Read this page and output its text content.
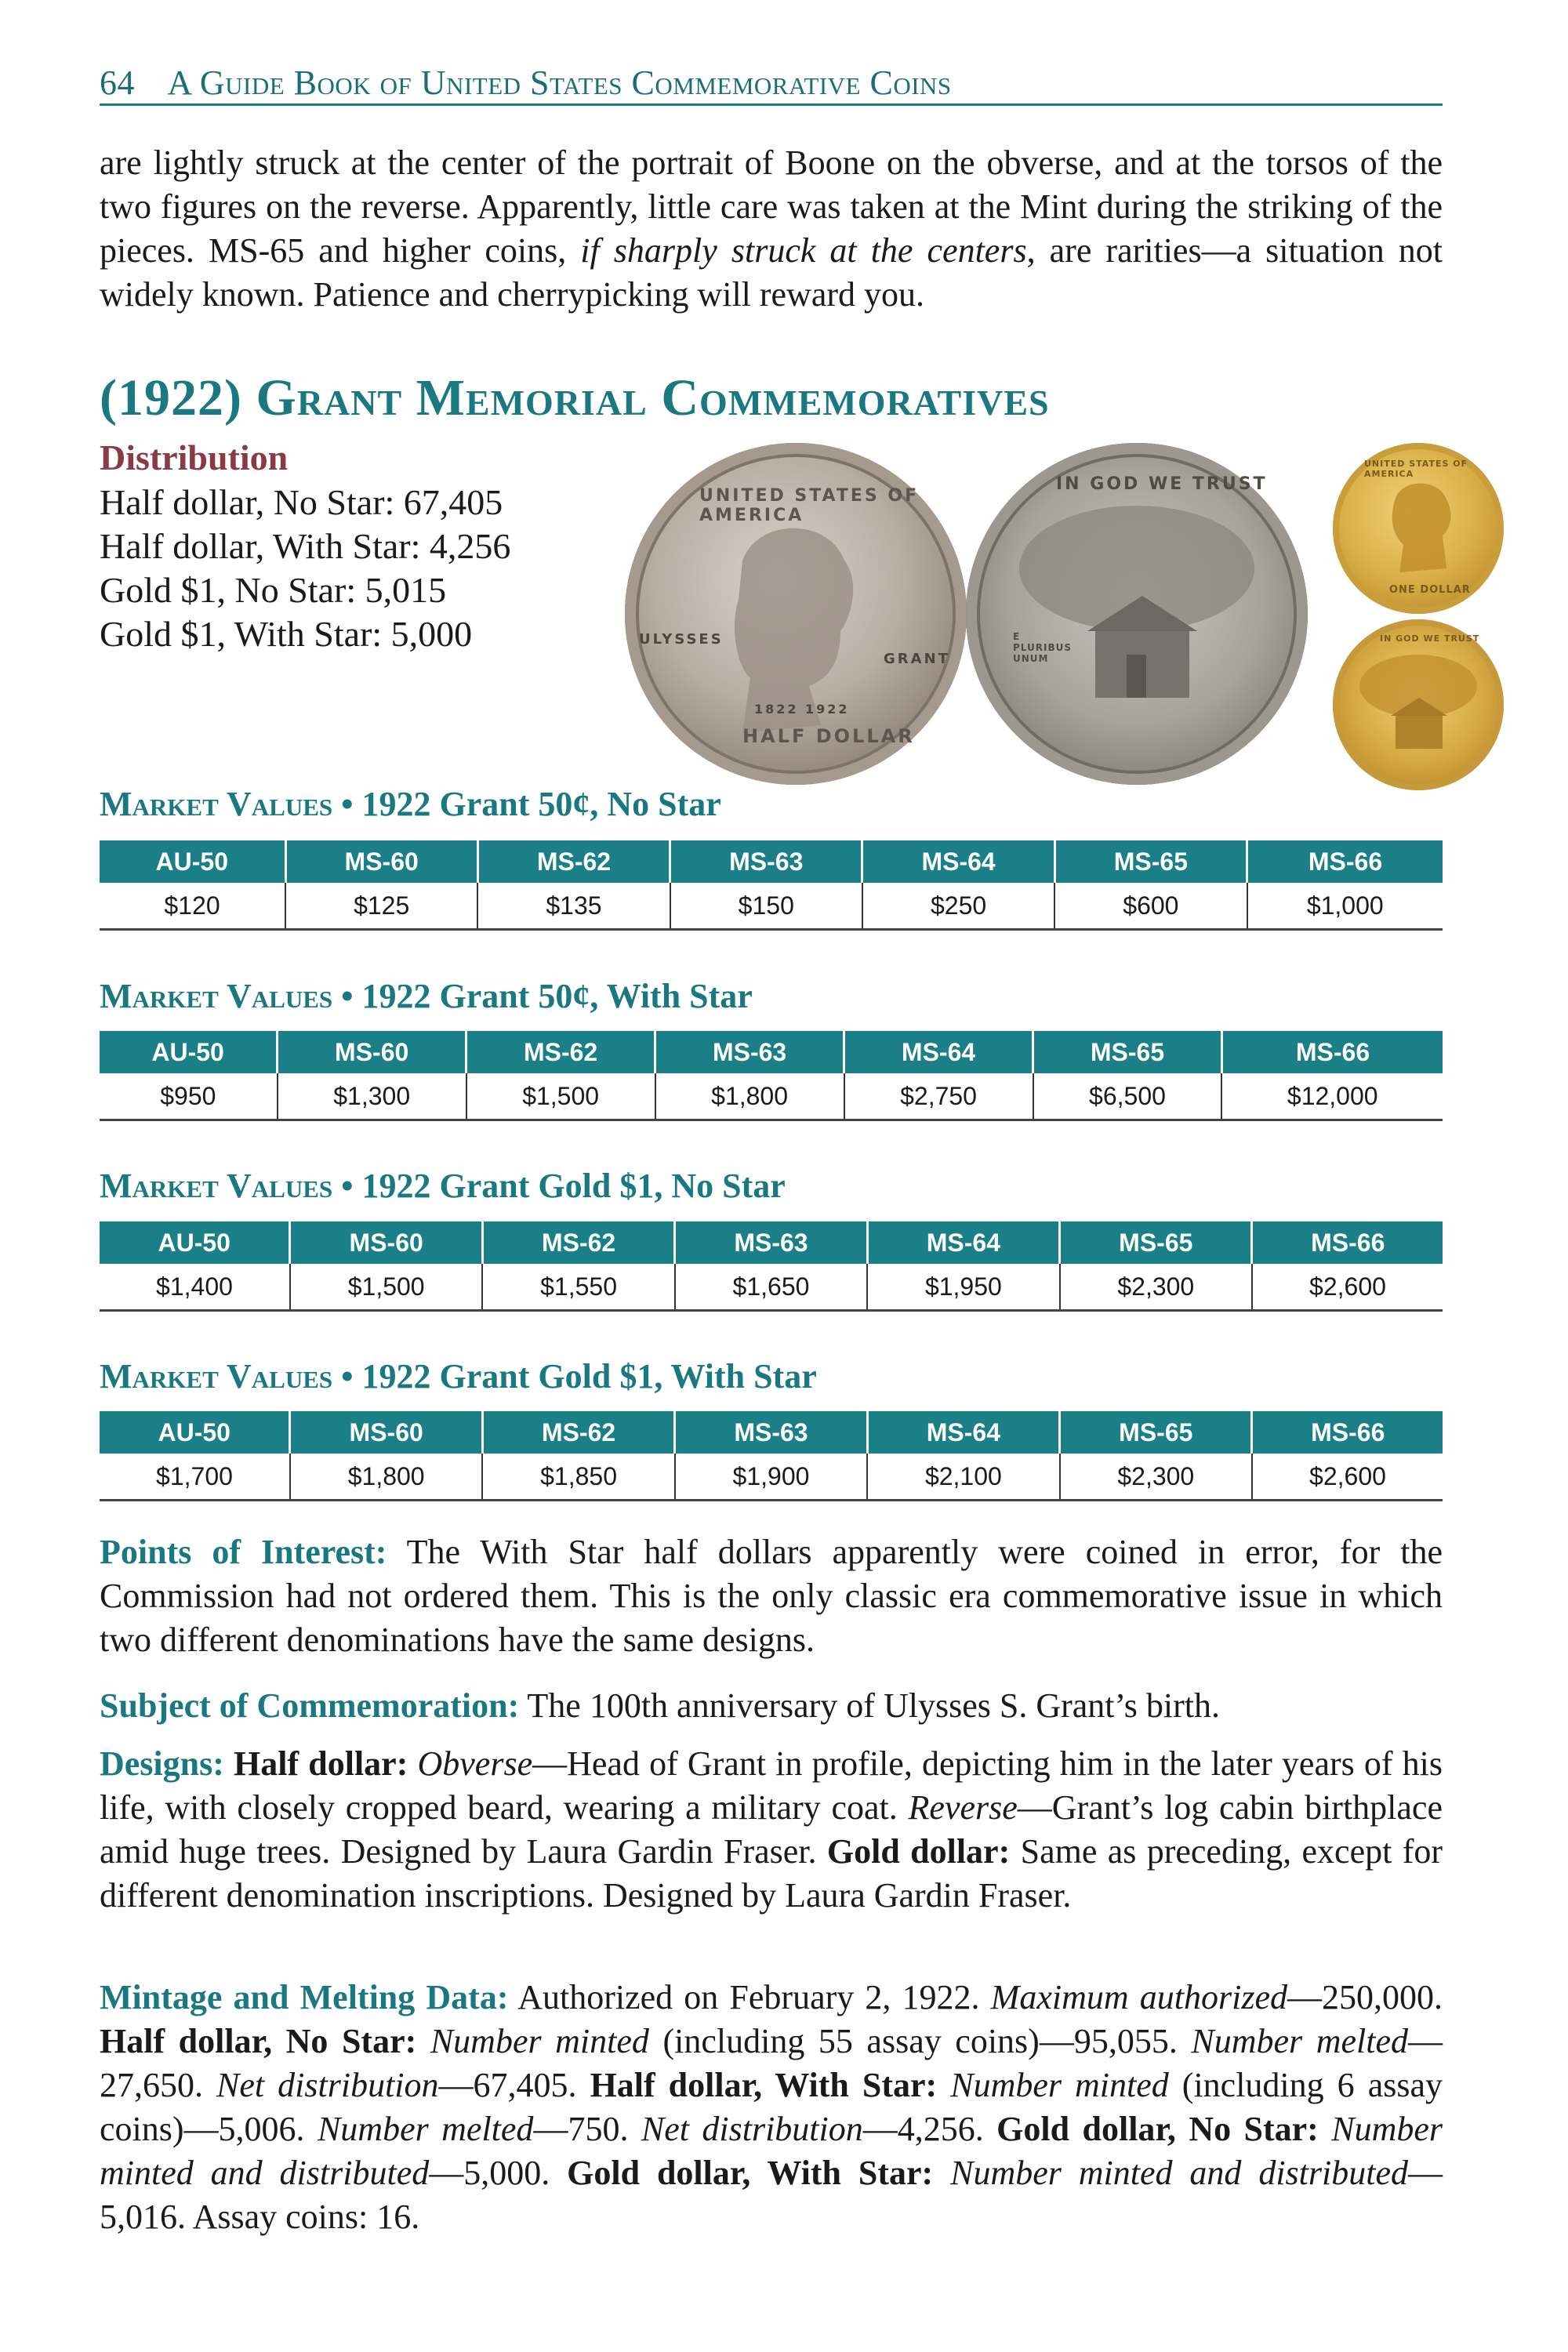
64 A Guide Book of United States Commemorative Coins

are lightly struck at the center of the portrait of Boone on the obverse, and at the torsos of the two figures on the reverse. Apparently, little care was taken at the Mint during the striking of the pieces. MS-65 and higher coins, if sharply struck at the centers, are rarities—a situation not widely known. Patience and cherrypicking will reward you.

(1922) Grant Memorial Commemoratives
Distribution
Half dollar, No Star: 67,405
Half dollar, With Star: 4,256
Gold $1, No Star: 5,015
Gold $1, With Star: 5,000
UNITED STATES OF AMERICA
HALF DOLLAR
ULYSSES
GRANT
1822 1922
IN GOD WE TRUST
E PLURIBUS UNUM
UNITED STATES OF AMERICA
ONE DOLLAR
IN GOD WE TRUST
Market Values • 1922 Grant 50¢, No Star
AU-50	MS-60	MS-62	MS-63	MS-64	MS-65	MS-66
$120	$125	$135	$150	$250	$600	$1,000
Market Values • 1922 Grant 50¢, With Star
AU-50	MS-60	MS-62	MS-63	MS-64	MS-65	MS-66
$950	$1,300	$1,500	$1,800	$2,750	$6,500	$12,000
Market Values • 1922 Grant Gold $1, No Star
AU-50	MS-60	MS-62	MS-63	MS-64	MS-65	MS-66
$1,400	$1,500	$1,550	$1,650	$1,950	$2,300	$2,600
Market Values • 1922 Grant Gold $1, With Star
AU-50	MS-60	MS-62	MS-63	MS-64	MS-65	MS-66
$1,700	$1,800	$1,850	$1,900	$2,100	$2,300	$2,600

Points of Interest: The With Star half dollars apparently were coined in error, for the Commission had not ordered them. This is the only classic era commemorative issue in which two different denominations have the same designs.

Subject of Commemoration: The 100th anniversary of Ulysses S. Grant’s birth.

Designs: Half dollar: Obverse—Head of Grant in profile, depicting him in the later years of his life, with closely cropped beard, wearing a military coat. Reverse—Grant’s log cabin birthplace amid huge trees. Designed by Laura Gardin Fraser. Gold dollar: Same as preceding, except for different denomination inscriptions. Designed by Laura Gardin Fraser.

Mintage and Melting Data: Authorized on February 2, 1922. Maximum authorized—250,000. Half dollar, No Star: Number minted (including 55 assay coins)—95,055. Number melted—27,650. Net distribution—67,405. Half dollar, With Star: Number minted (including 6 assay coins)—5,006. Number melted—750. Net distribution—4,256. Gold dollar, No Star: Number minted and distributed—5,000. Gold dollar, With Star: Number minted and distributed—5,016. Assay coins: 16.
